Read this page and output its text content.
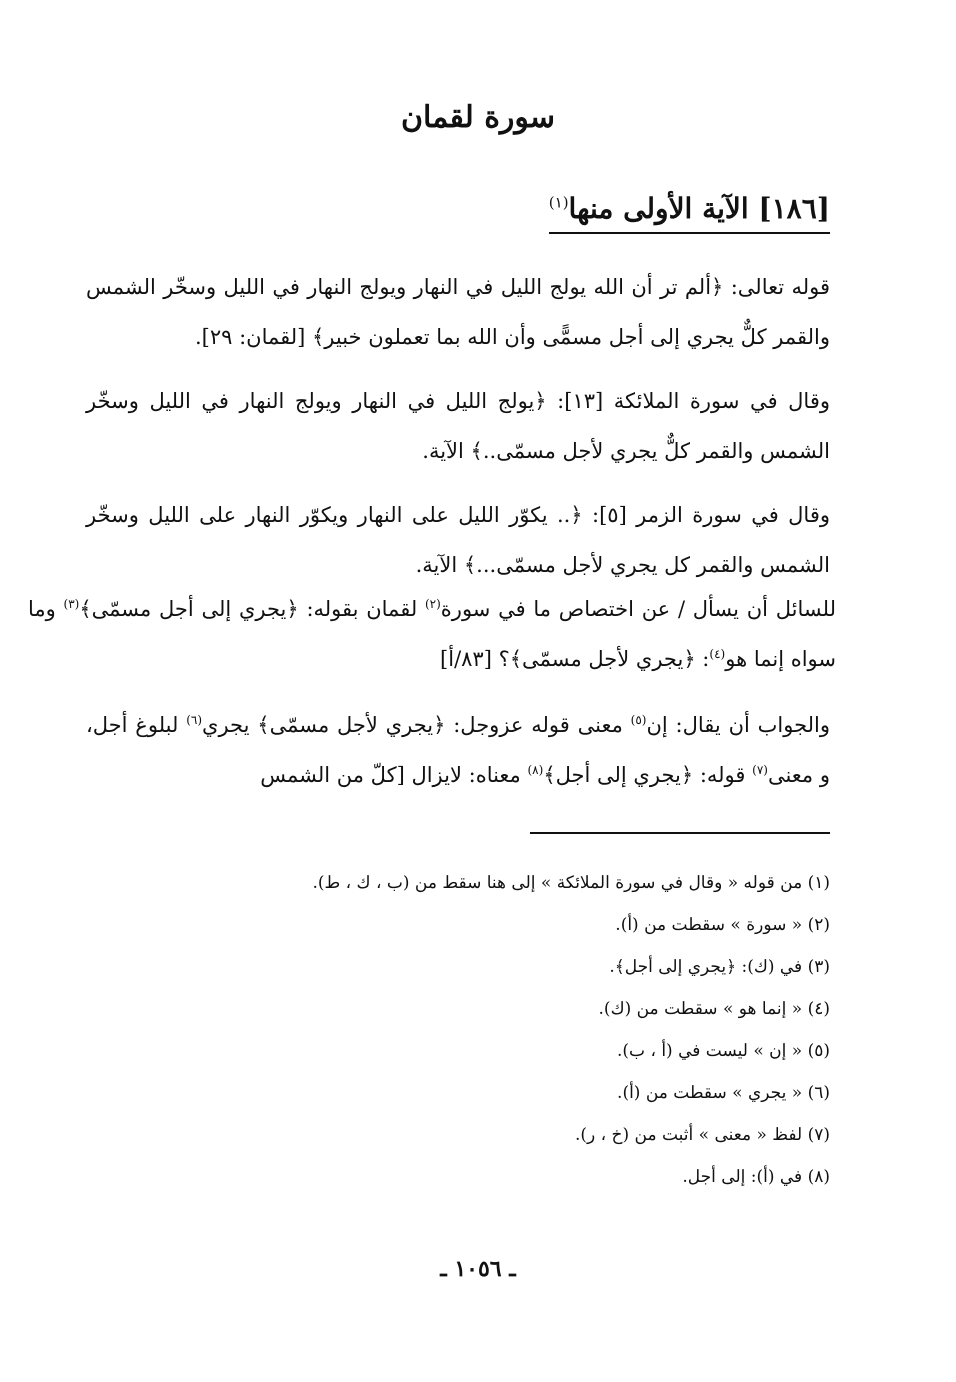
سورة لقمان
[١٨٦] الآية الأولى منها$^{(١)}$

قوله تعالى: ﴿ألم تر أن الله يولج الليل في النهار ويولج النهار في الليل وسخّر الشمس والقمر كلٌّ يجري إلى أجل مسمًّى وأن الله بما تعملون خبير﴾ [لقمان: ٢٩].

وقال في سورة الملائكة [١٣]: ﴿يولج الليل في النهار ويولج النهار في الليل وسخّر الشمس والقمر كلٌّ يجري لأجل مسمّى..﴾ الآية.

وقال في سورة الزمر [٥]: ﴿.. يكوّر الليل على النهار ويكوّر النهار على الليل وسخّر الشمس والقمر كل يجري لأجل مسمّى...﴾ الآية.

للسائل أن يسأل / عن اختصاص ما في سورة$^{(٢)}$ لقمان بقوله: ﴿يجري إلى أجل مسمّى﴾$^{(٣)}$ وما سواه إنما هو$^{(٤)}$: ﴿يجري لأجل مسمّى﴾؟ [٨٣/أ]

والجواب أن يقال: إن$^{(٥)}$ معنى قوله عزوجل: ﴿يجري لأجل مسمّى﴾ يجري$^{(٦)}$ لبلوغ أجل، و معنى$^{(٧)}$ قوله: ﴿يجري إلى أجل﴾$^{(٨)}$ معناه: لايزال [كلّ من الشمس

(١) من قوله « وقال في سورة الملائكة » إلى هنا سقط من (ب ، ك ، ط).
(٢) « سورة » سقطت من (أ).
(٣) في (ك): ﴿يجري إلى أجل﴾.
(٤) « إنما هو » سقطت من (ك).
(٥) « إن » ليست في (أ ، ب).
(٦) « يجري » سقطت من (أ).
(٧) لفظ « معنى » أثبت من (خ ، ر).
(٨) في (أ): إلى أجل.
ـ ١٠٥٦ ـ
